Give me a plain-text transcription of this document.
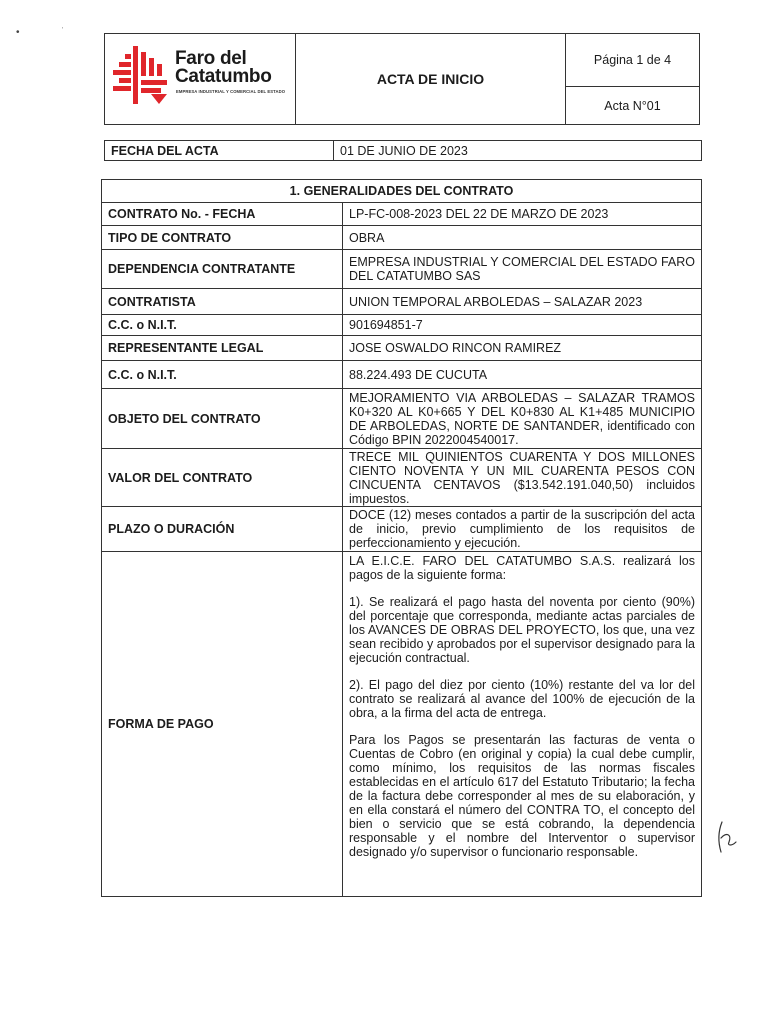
•	'
Faro del
Catatumbo
EMPRESA INDUSTRIAL Y COMERCIAL DEL ESTADO
ACTA DE INICIO
Página 1 de 4
Acta N°01
FECHA DEL ACTA	01 DE JUNIO DE 2023
1. GENERALIDADES DEL CONTRATO	
CONTRATO No. - FECHA	LP-FC-008-2023 DEL 22 DE MARZO DE 2023
TIPO DE CONTRATO	OBRA
DEPENDENCIA CONTRATANTE	EMPRESA INDUSTRIAL Y COMERCIAL DEL ESTADO FARO DEL CATATUMBO SAS
CONTRATISTA	UNION TEMPORAL ARBOLEDAS – SALAZAR 2023
C.C. o N.I.T.	901694851-7
REPRESENTANTE LEGAL	JOSE OSWALDO RINCON RAMIREZ
C.C. o N.I.T.	88.224.493 DE CUCUTA
OBJETO DEL CONTRATO	MEJORAMIENTO VIA ARBOLEDAS – SALAZAR TRAMOS K0+320 AL K0+665 Y DEL K0+830 AL K1+485 MUNICIPIO DE ARBOLEDAS, NORTE DE SANTANDER, identificado con Código BPIN 2022004540017.
VALOR DEL CONTRATO	TRECE MIL QUINIENTOS CUARENTA Y DOS MILLONES CIENTO NOVENTA Y UN MIL CUARENTA PESOS CON CINCUENTA CENTAVOS ($13.542.191.040,50) incluidos impuestos.
PLAZO O DURACIÓN	DOCE (12) meses contados a partir de la suscripción del acta de inicio, previo cumplimiento de los requisitos de perfeccionamiento y ejecución.
FORMA DE PAGO	LA E.I.C.E. FARO DEL CATATUMBO S.A.S. realizará los pagos de la siguiente forma:

1). Se realizará el pago hasta del noventa por ciento (90%) del porcentaje que corresponda, mediante actas parciales de los AVANCES DE OBRAS DEL PROYECTO, los que, una vez sean recibido y aprobados por el supervisor designado para la ejecución contractual.

2). El pago del diez por ciento (10%) restante del va lor del contrato se realizará al avance del 100% de ejecución de la obra, a la firma del acta de entrega.

Para los Pagos se presentarán las facturas de venta o Cuentas de Cobro (en original y copia) la cual debe cumplir, como mínimo, los requisitos de las normas fiscales establecidas en el artículo 617 del Estatuto Tributario; la fecha de la factura debe corresponder al mes de su elaboración, y en ella constará el número del CONTRA TO, el concepto del bien o servicio que se está cobrando, la dependencia responsable y el nombre del Interventor o supervisor designado y/o supervisor o funcionario responsable.
